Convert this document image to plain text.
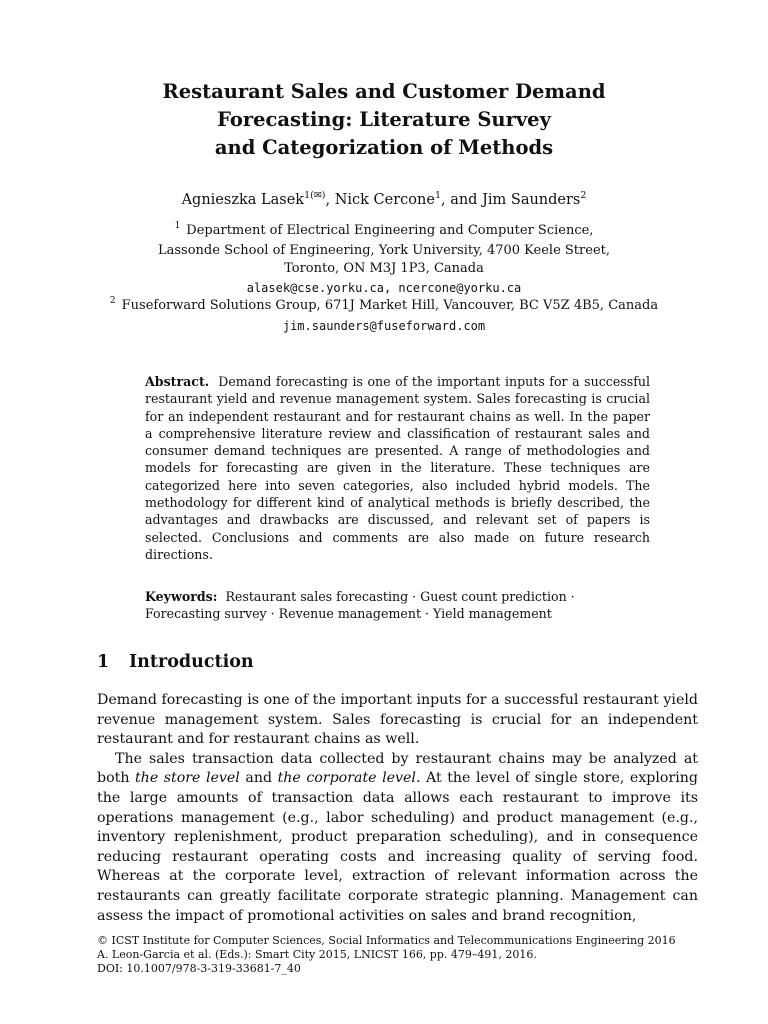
Restaurant Sales and Customer Demand
Forecasting: Literature Survey
and Categorization of Methods
Agnieszka Lasek$^{1(✉)}$, Nick Cercone$^1$, and Jim Saunders$^2$
$^1$ Department of Electrical Engineering and Computer Science,
Lassonde School of Engineering, York University, 4700 Keele Street,
Toronto, ON M3J 1P3, Canada
alasek@cse.yorku.ca, ncercone@yorku.ca
$^2$ Fuseforward Solutions Group, 671J Market Hill, Vancouver, BC V5Z 4B5, Canada
jim.saunders@fuseforward.com
Abstract. Demand forecasting is one of the important inputs for a successful restaurant yield and revenue management system. Sales forecasting is crucial for an independent restaurant and for restaurant chains as well. In the paper a comprehensive literature review and classification of restaurant sales and consumer demand techniques are presented. A range of methodologies and models for forecasting are given in the literature. These techniques are categorized here into seven categories, also included hybrid models. The methodology for different kind of analytical methods is briefly described, the advantages and drawbacks are discussed, and relevant set of papers is selected. Conclusions and comments are also made on future research directions.
Keywords: Restaurant sales forecasting · Guest count prediction · Forecasting survey · Revenue management · Yield management
1 Introduction

Demand forecasting is one of the important inputs for a successful restaurant yield revenue management system. Sales forecasting is crucial for an independent restaurant and for restaurant chains as well.

The sales transaction data collected by restaurant chains may be analyzed at both the store level and the corporate level. At the level of single store, exploring the large amounts of transaction data allows each restaurant to improve its operations management (e.g., labor scheduling) and product management (e.g., inventory replenishment, product preparation scheduling), and in consequence reducing restaurant operating costs and increasing quality of serving food. Whereas at the corporate level, extraction of relevant information across the restaurants can greatly facilitate corporate strategic planning. Management can assess the impact of promotional activities on sales and brand recognition,

© ICST Institute for Computer Sciences, Social Informatics and Telecommunications Engineering 2016
A. Leon-Garcia et al. (Eds.): Smart City 2015, LNICST 166, pp. 479–491, 2016.
DOI: 10.1007/978-3-319-33681-7_40
